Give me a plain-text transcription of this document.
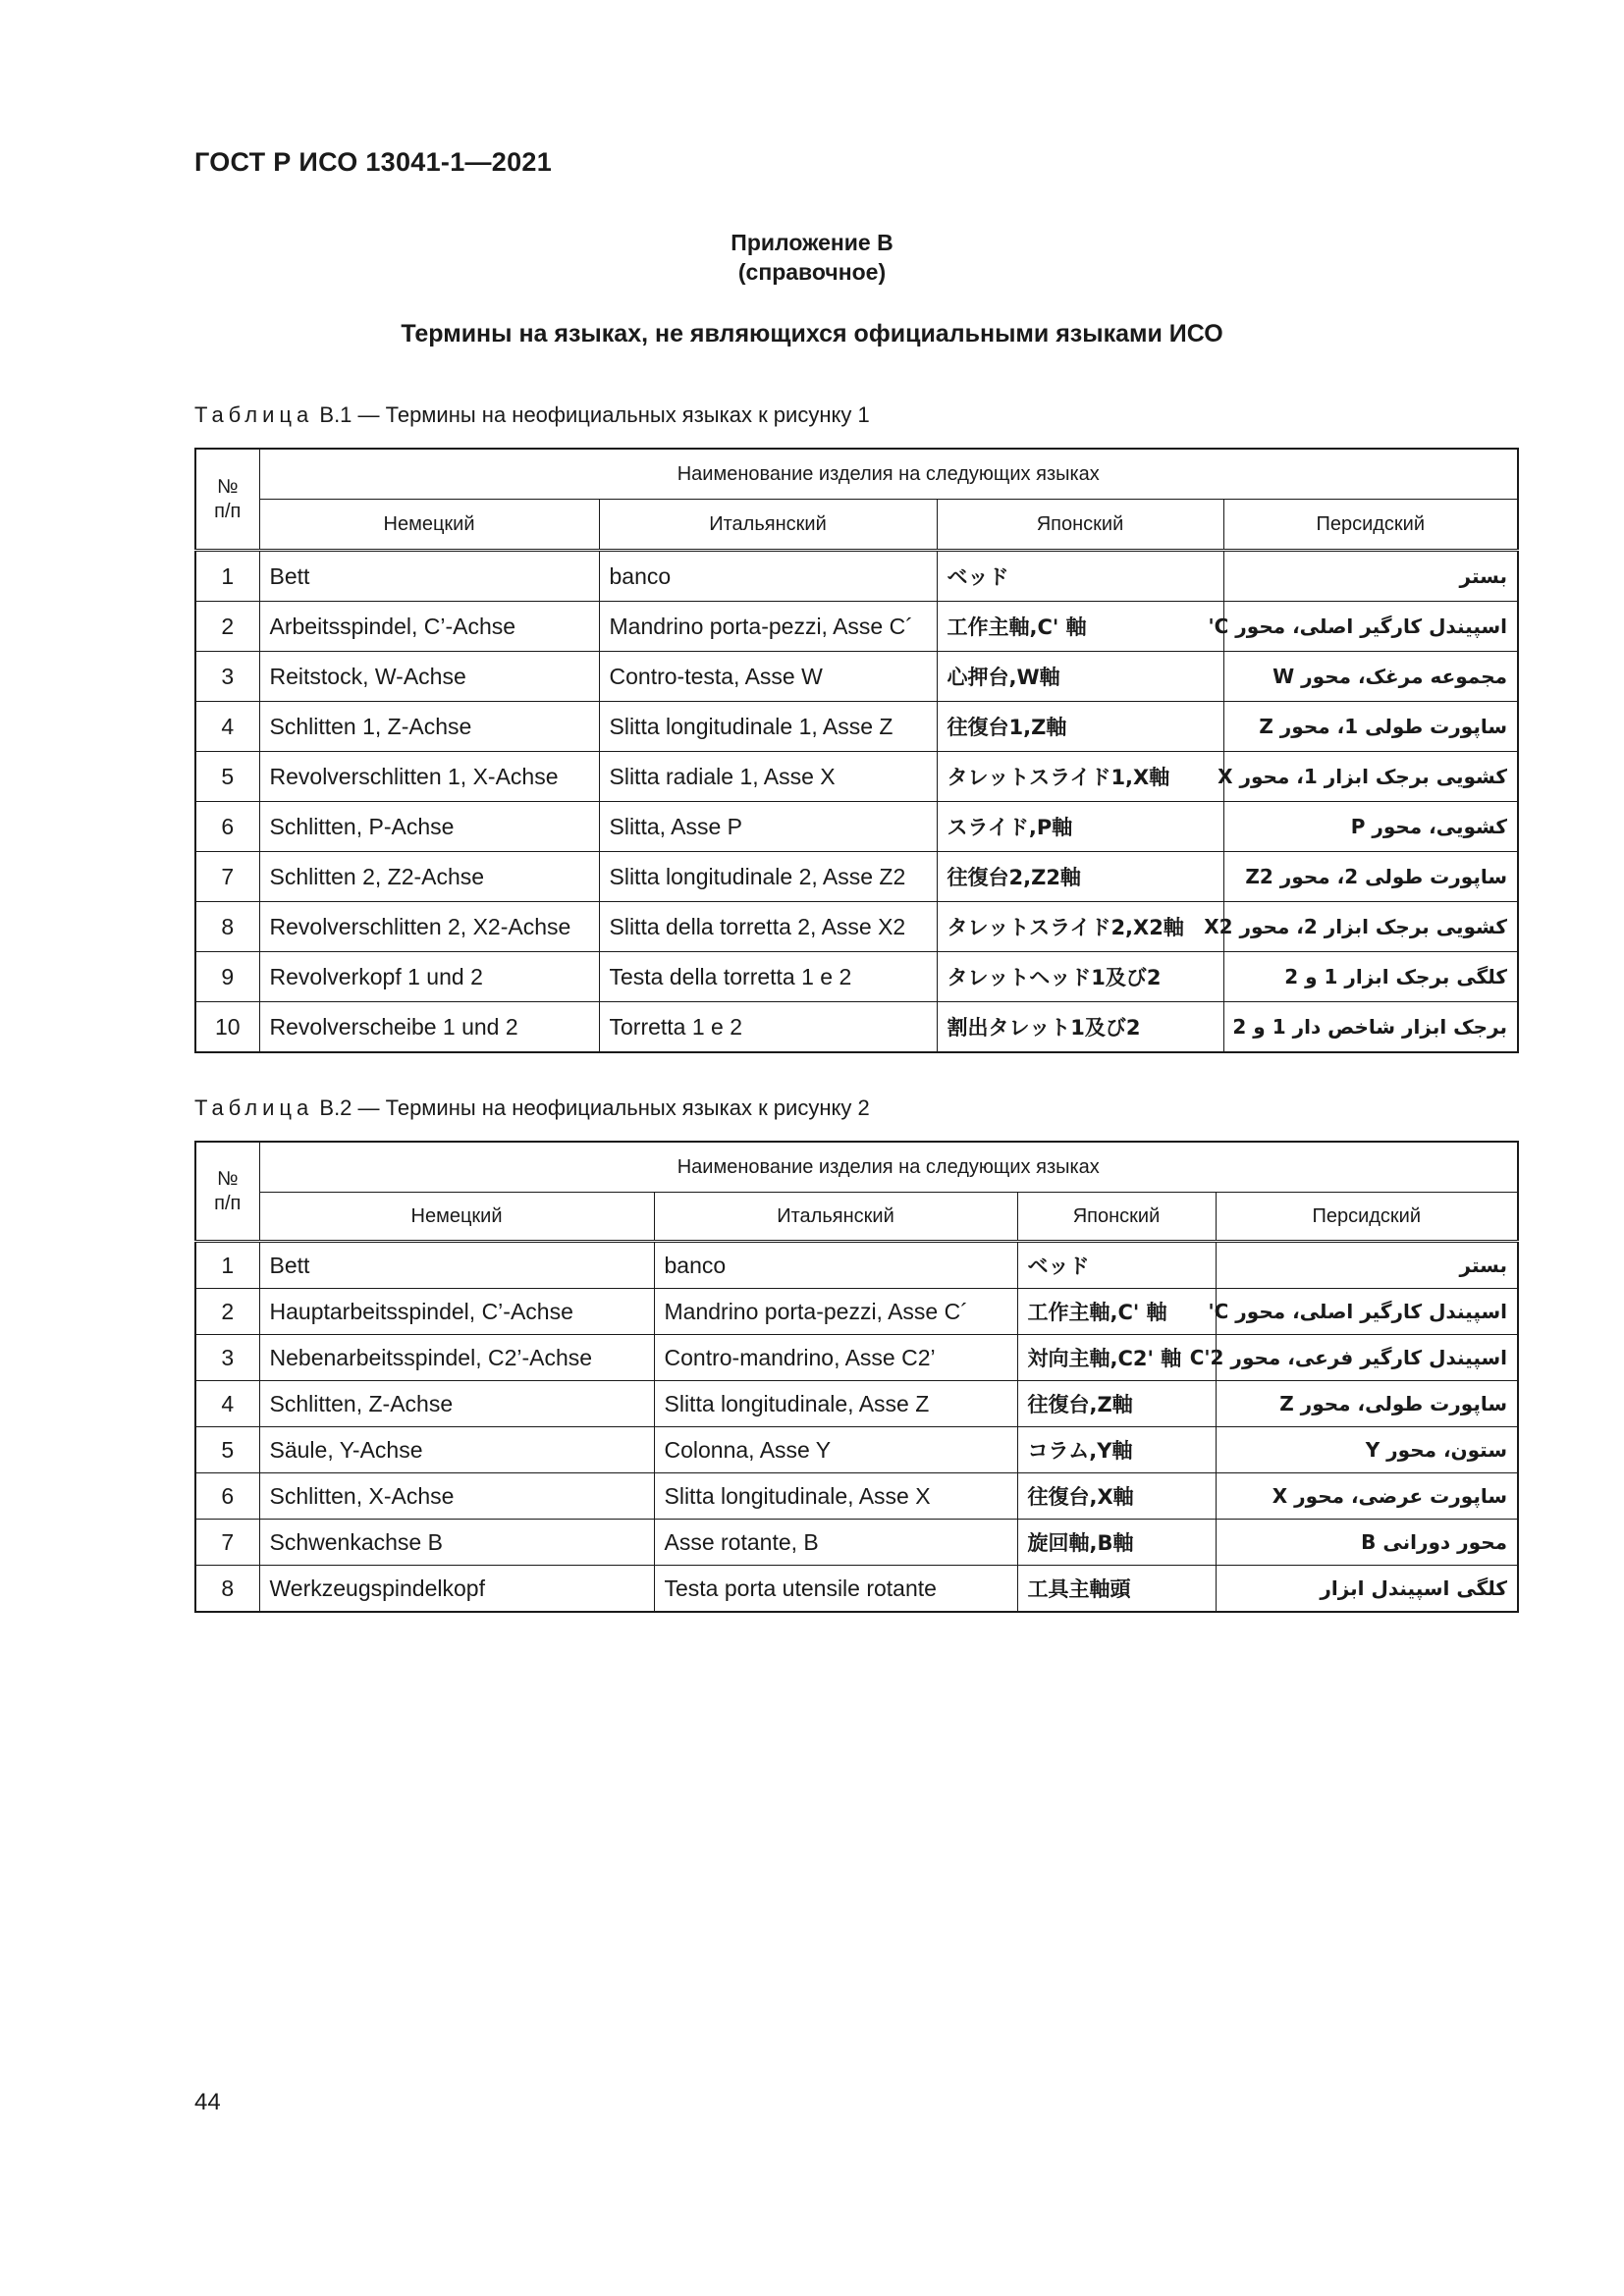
ГОСТ Р ИСО 13041-1—2021
Приложение В
(справочное)
Термины на языках, не являющихся официальными языками ИСО
Таблица В.1 — Термины на неофициальных языках к рисунку 1
№
п/п	Наименование изделия на следующих языках			
	Немецкий	Итальянский	Японский	Персидский
1	Bett	banco	ベッド	بستر
2	Arbeitsspindel, C’-Achse	Mandrino porta-pezzi, Asse C´	工作主軸,C' 軸	اسپیندل کارگیر اصلی، محور C'
3	Reitstock, W-Achse	Contro-testa, Asse W	心押台,W軸	مجموعه مرغک، محور W
4	Schlitten 1, Z-Achse	Slitta longitudinale 1, Asse Z	往復台1,Z軸	ساپورت طولی 1، محور Z
5	Revolverschlitten 1, X-Achse	Slitta radiale 1, Asse X	タレットスライド1,X軸	کشویی برجک ابزار 1، محور X
6	Schlitten, P-Achse	Slitta, Asse P	スライド,P軸	کشویی، محور P
7	Schlitten 2, Z2-Achse	Slitta longitudinale 2, Asse Z2	往復台2,Z2軸	ساپورت طولی 2، محور Z2
8	Revolverschlitten 2, X2-Achse	Slitta della torretta 2, Asse X2	タレットスライド2,X2軸	کشویی برجک ابزار 2، محور X2
9	Revolverkopf 1 und 2	Testa della torretta 1 e 2	タレットヘッド1及び2	کلگی برجک ابزار 1 و 2
10	Revolverscheibe 1 und 2	Torretta 1 e 2	割出タレット1及び2	برجک ابزار شاخص دار 1 و 2
Таблица В.2 — Термины на неофициальных языках к рисунку 2
№
п/п	Наименование изделия на следующих языках			
	Немецкий	Итальянский	Японский	Персидский
1	Bett	banco	ベッド	بستر
2	Hauptarbeitsspindel, C’-Achse	Mandrino porta-pezzi, Asse C´	工作主軸,C' 軸	اسپیندل کارگیر اصلی، محور C'
3	Nebenarbeitsspindel, C2’-Achse	Contro-mandrino, Asse C2’	対向主軸,C2' 軸	اسپیندل کارگیر فرعی، محور C'2
4	Schlitten, Z-Achse	Slitta longitudinale, Asse Z	往復台,Z軸	ساپورت طولی، محور Z
5	Säule, Y-Achse	Colonna, Asse Y	コラム,Y軸	ستون، محور Y
6	Schlitten, X-Achse	Slitta longitudinale, Asse X	往復台,X軸	ساپورت عرضی، محور X
7	Schwenkachse B	Asse rotante, B	旋回軸,B軸	محور دورانی B
8	Werkzeugspindelkopf	Testa porta utensile rotante	工具主軸頭	کلگی اسپیندل ابزار
44
